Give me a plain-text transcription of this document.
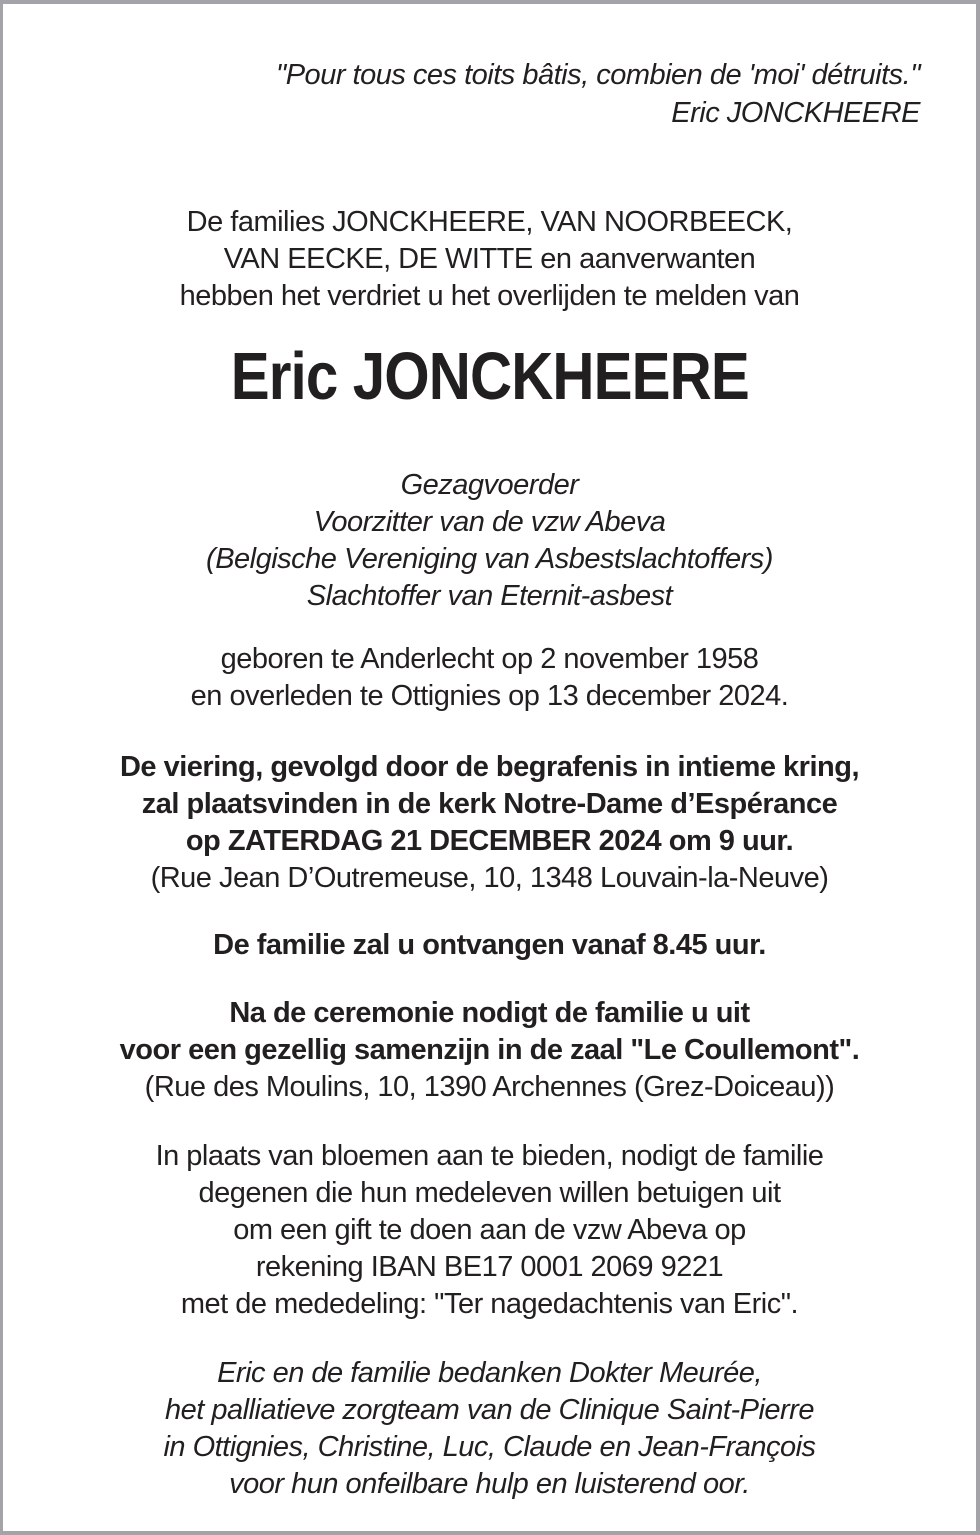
"Pour tous ces toits bâtis, combien de 'moi' détruits."
Eric JONCKHEERE
De families JONCKHEERE, VAN NOORBEECK,
VAN EECKE, DE WITTE en aanverwanten
hebben het verdriet u het overlijden te melden van
Eric JONCKHEERE
Gezagvoerder
Voorzitter van de vzw Abeva
(Belgische Vereniging van Asbestslachtoffers)
Slachtoffer van Eternit-asbest
geboren te Anderlecht op 2 november 1958
en overleden te Ottignies op 13 december 2024.
De viering, gevolgd door de begrafenis in intieme kring,
zal plaatsvinden in de kerk Notre-Dame d’Espérance
op ZATERDAG 21 DECEMBER 2024 om 9 uur.
(Rue Jean D’Outremeuse, 10, 1348 Louvain-la-Neuve)
De familie zal u ontvangen vanaf 8.45 uur.
Na de ceremonie nodigt de familie u uit
voor een gezellig samenzijn in de zaal "Le Coullemont".
(Rue des Moulins, 10, 1390 Archennes (Grez-Doiceau))
In plaats van bloemen aan te bieden, nodigt de familie
degenen die hun medeleven willen betuigen uit
om een gift te doen aan de vzw Abeva op
rekening IBAN BE17 0001 2069 9221
met de mededeling: "Ter nagedachtenis van Eric".
Eric en de familie bedanken Dokter Meurée,
het palliatieve zorgteam van de Clinique Saint-Pierre
in Ottignies, Christine, Luc, Claude en Jean-François
voor hun onfeilbare hulp en luisterend oor.
